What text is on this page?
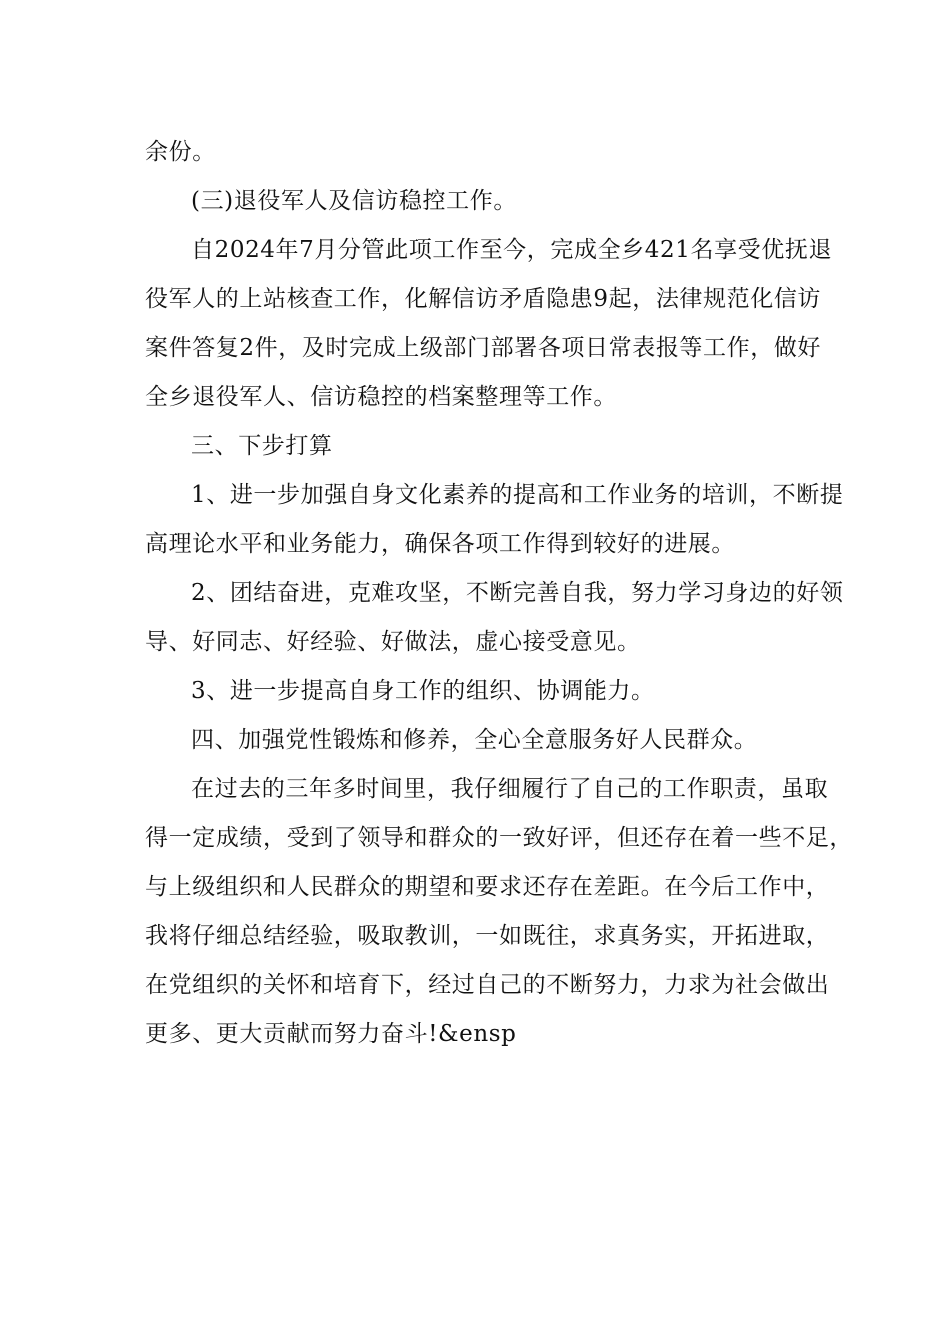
余份。
(三)退役军人及信访稳控工作。
自2024年7月分管此项工作至今，完成全乡421名享受优抚退
役军人的上站核查工作，化解信访矛盾隐患9起，法律规范化信访
案件答复2件，及时完成上级部门部署各项日常表报等工作，做好
全乡退役军人、信访稳控的档案整理等工作。
三、下步打算
1、进一步加强自身文化素养的提高和工作业务的培训，不断提
高理论水平和业务能力，确保各项工作得到较好的进展。
2、团结奋进，克难攻坚，不断完善自我，努力学习身边的好领
导、好同志、好经验、好做法，虚心接受意见。
3、进一步提高自身工作的组织、协调能力。
四、加强党性锻炼和修养，全心全意服务好人民群众。
在过去的三年多时间里，我仔细履行了自己的工作职责，虽取
得一定成绩，受到了领导和群众的一致好评，但还存在着一些不足，
与上级组织和人民群众的期望和要求还存在差距。在今后工作中，
我将仔细总结经验，吸取教训，一如既往，求真务实，开拓进取，
在党组织的关怀和培育下，经过自己的不断努力，力求为社会做出
更多、更大贡献而努力奋斗!&ensp
